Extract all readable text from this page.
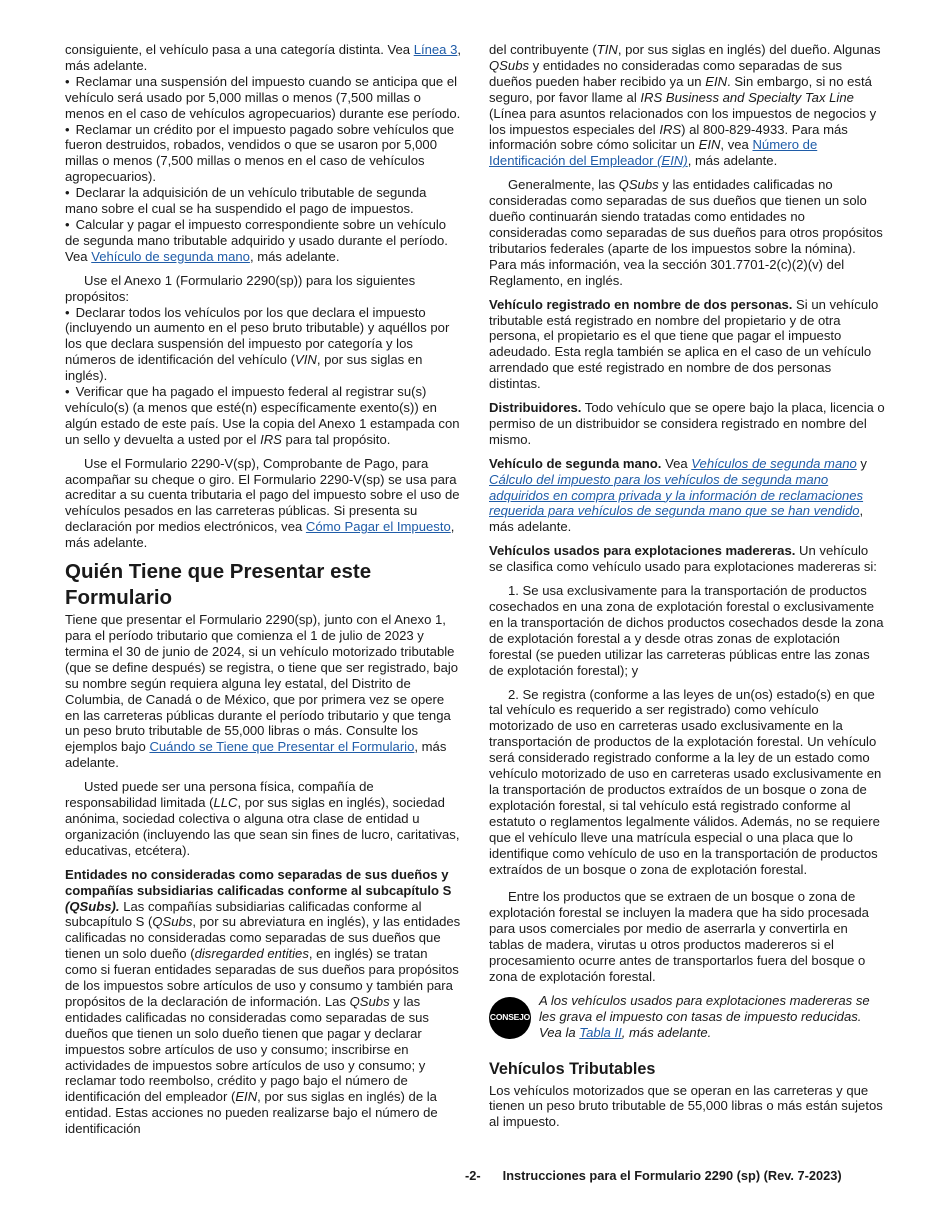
consiguiente, el vehículo pasa a una categoría distinta. Vea Línea 3, más adelante.

• Reclamar una suspensión del impuesto cuando se anticipa que el vehículo será usado por 5,000 millas o menos (7,500 millas o menos en el caso de vehículos agropecuarios) durante ese período.

• Reclamar un crédito por el impuesto pagado sobre vehículos que fueron destruidos, robados, vendidos o que se usaron por 5,000 millas o menos (7,500 millas o menos en el caso de vehículos agropecuarios).

• Declarar la adquisición de un vehículo tributable de segunda mano sobre el cual se ha suspendido el pago de impuestos.

• Calcular y pagar el impuesto correspondiente sobre un vehículo de segunda mano tributable adquirido y usado durante el período. Vea Vehículo de segunda mano, más adelante.

Use el Anexo 1 (Formulario 2290(sp)) para los siguientes propósitos:

• Declarar todos los vehículos por los que declara el impuesto (incluyendo un aumento en el peso bruto tributable) y aquéllos por los que declara suspensión del impuesto por categoría y los números de identificación del vehículo (VIN, por sus siglas en inglés).

• Verificar que ha pagado el impuesto federal al registrar su(s) vehículo(s) (a menos que esté(n) específicamente exento(s)) en algún estado de este país. Use la copia del Anexo 1 estampada con un sello y devuelta a usted por el IRS para tal propósito.

Use el Formulario 2290-V(sp), Comprobante de Pago, para acompañar su cheque o giro. El Formulario 2290-V(sp) se usa para acreditar a su cuenta tributaria el pago del impuesto sobre el uso de vehículos pesados en las carreteras públicas. Si presenta su declaración por medios electrónicos, vea Cómo Pagar el Impuesto, más adelante.

Quién Tiene que Presentar este Formulario

Tiene que presentar el Formulario 2290(sp), junto con el Anexo 1, para el período tributario que comienza el 1 de julio de 2023 y termina el 30 de junio de 2024, si un vehículo motorizado tributable (que se define después) se registra, o tiene que ser registrado, bajo su nombre según requiera alguna ley estatal, del Distrito de Columbia, de Canadá o de México, que por primera vez se opere en las carreteras públicas durante el período tributario y que tenga un peso bruto tributable de 55,000 libras o más. Consulte los ejemplos bajo Cuándo se Tiene que Presentar el Formulario, más adelante.

Usted puede ser una persona física, compañía de responsabilidad limitada (LLC, por sus siglas en inglés), sociedad anónima, sociedad colectiva o alguna otra clase de entidad u organización (incluyendo las que sean sin fines de lucro, caritativas, educativas, etcétera).

Entidades no consideradas como separadas de sus dueños y compañías subsidiarias calificadas conforme al subcapítulo S (QSubs). Las compañías subsidiarias calificadas conforme al subcapítulo S (QSubs, por su abreviatura en inglés), y las entidades calificadas no consideradas como separadas de sus dueños que tienen un solo dueño (disregarded entities, en inglés) se tratan como si fueran entidades separadas de sus dueños para propósitos de los impuestos sobre artículos de uso y consumo y también para propósitos de la declaración de información. Las QSubs y las entidades calificadas no consideradas como separadas de sus dueños que tienen un solo dueño tienen que pagar y declarar impuestos sobre artículos de uso y consumo; inscribirse en actividades de impuestos sobre artículos de uso y consumo; y reclamar todo reembolso, crédito y pago bajo el número de identificación del empleador (EIN, por sus siglas en inglés) de la entidad. Estas acciones no pueden realizarse bajo el número de identificación

del contribuyente (TIN, por sus siglas en inglés) del dueño. Algunas QSubs y entidades no consideradas como separadas de sus dueños pueden haber recibido ya un EIN. Sin embargo, si no está seguro, por favor llame al IRS Business and Specialty Tax Line (Línea para asuntos relacionados con los impuestos de negocios y los impuestos especiales del IRS) al 800-829-4933. Para más información sobre cómo solicitar un EIN, vea Número de Identificación del Empleador (EIN), más adelante.

Generalmente, las QSubs y las entidades calificadas no consideradas como separadas de sus dueños que tienen un solo dueño continuarán siendo tratadas como entidades no consideradas como separadas de sus dueños para otros propósitos tributarios federales (aparte de los impuestos sobre la nómina). Para más información, vea la sección 301.7701-2(c)(2)(v) del Reglamento, en inglés.

Vehículo registrado en nombre de dos personas. Si un vehículo tributable está registrado en nombre del propietario y de otra persona, el propietario es el que tiene que pagar el impuesto adeudado. Esta regla también se aplica en el caso de un vehículo arrendado que esté registrado en nombre de dos personas distintas.

Distribuidores. Todo vehículo que se opere bajo la placa, licencia o permiso de un distribuidor se considera registrado en nombre del mismo.

Vehículo de segunda mano. Vea Vehículos de segunda mano y Cálculo del impuesto para los vehículos de segunda mano adquiridos en compra privada y la información de reclamaciones requerida para vehículos de segunda mano que se han vendido, más adelante.

Vehículos usados para explotaciones madereras. Un vehículo se clasifica como vehículo usado para explotaciones madereras si:

1. Se usa exclusivamente para la transportación de productos cosechados en una zona de explotación forestal o exclusivamente en la transportación de dichos productos cosechados desde la zona de explotación forestal a y desde otras zonas de explotación forestal (se pueden utilizar las carreteras públicas entre las zonas de explotación forestal); y

2. Se registra (conforme a las leyes de un(os) estado(s) en que tal vehículo es requerido a ser registrado) como vehículo motorizado de uso en carreteras usado exclusivamente en la transportación de productos de la explotación forestal. Un vehículo será considerado registrado conforme a la ley de un estado como vehículo motorizado de uso en carreteras usado exclusivamente en la transportación de productos extraídos de un bosque o zona de explotación forestal, si tal vehículo está registrado conforme al estatuto o reglamentos legalmente válidos. Además, no se requiere que el vehículo lleve una matrícula especial o una placa que lo identifique como vehículo de uso en la transportación de productos extraídos de un bosque o zona de explotación forestal.

Entre los productos que se extraen de un bosque o zona de explotación forestal se incluyen la madera que ha sido procesada para usos comerciales por medio de aserrarla y convertirla en tablas de madera, virutas u otros productos madereros si el procesamiento ocurre antes de transportarlos fuera del bosque o zona de explotación forestal.

CONSEJO
A los vehículos usados para explotaciones madereras se les grava el impuesto con tasas de impuesto reducidas. Vea la Tabla II, más adelante.
Vehículos Tributables

Los vehículos motorizados que se operan en las carreteras y que tienen un peso bruto tributable de 55,000 libras o más están sujetos al impuesto.

-2- Instrucciones para el Formulario 2290 (sp) (Rev. 7-2023)
